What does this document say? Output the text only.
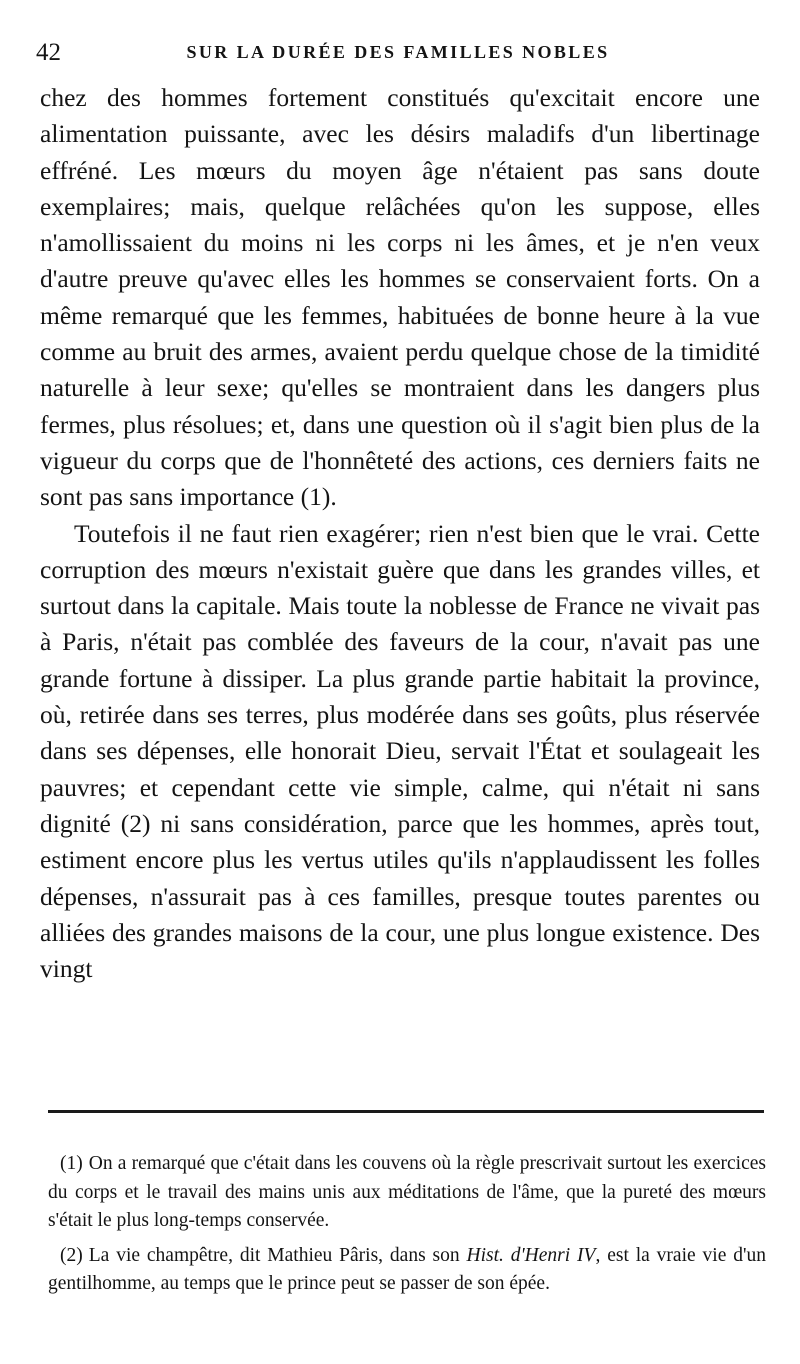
42	SUR LA DURÉE DES FAMILLES NOBLES

chez des hommes fortement constitués qu'excitait encore une alimentation puissante, avec les désirs maladifs d'un libertinage effréné. Les mœurs du moyen âge n'étaient pas sans doute exemplaires; mais, quelque relâchées qu'on les suppose, elles n'amollissaient du moins ni les corps ni les âmes, et je n'en veux d'autre preuve qu'avec elles les hommes se conservaient forts. On a même remarqué que les femmes, habituées de bonne heure à la vue comme au bruit des armes, avaient perdu quelque chose de la timidité naturelle à leur sexe; qu'elles se montraient dans les dangers plus fermes, plus résolues; et, dans une question où il s'agit bien plus de la vigueur du corps que de l'honnêteté des actions, ces derniers faits ne sont pas sans importance (1).

Toutefois il ne faut rien exagérer; rien n'est bien que le vrai. Cette corruption des mœurs n'existait guère que dans les grandes villes, et surtout dans la capitale. Mais toute la noblesse de France ne vivait pas à Paris, n'était pas comblée des faveurs de la cour, n'avait pas une grande fortune à dissiper. La plus grande partie habitait la province, où, retirée dans ses terres, plus modérée dans ses goûts, plus réservée dans ses dépenses, elle honorait Dieu, servait l'État et soulageait les pauvres; et cependant cette vie simple, calme, qui n'était ni sans dignité (2) ni sans considération, parce que les hommes, après tout, estiment encore plus les vertus utiles qu'ils n'applaudissent les folles dépenses, n'assurait pas à ces familles, presque toutes parentes ou alliées des grandes maisons de la cour, une plus longue existence. Des vingt

(1) On a remarqué que c'était dans les couvens où la règle prescrivait surtout les exercices du corps et le travail des mains unis aux méditations de l'âme, que la pureté des mœurs s'était le plus long-temps conservée.

(2) La vie champêtre, dit Mathieu Pâris, dans son Hist. d'Henri IV, est la vraie vie d'un gentilhomme, au temps que le prince peut se passer de son épée.
